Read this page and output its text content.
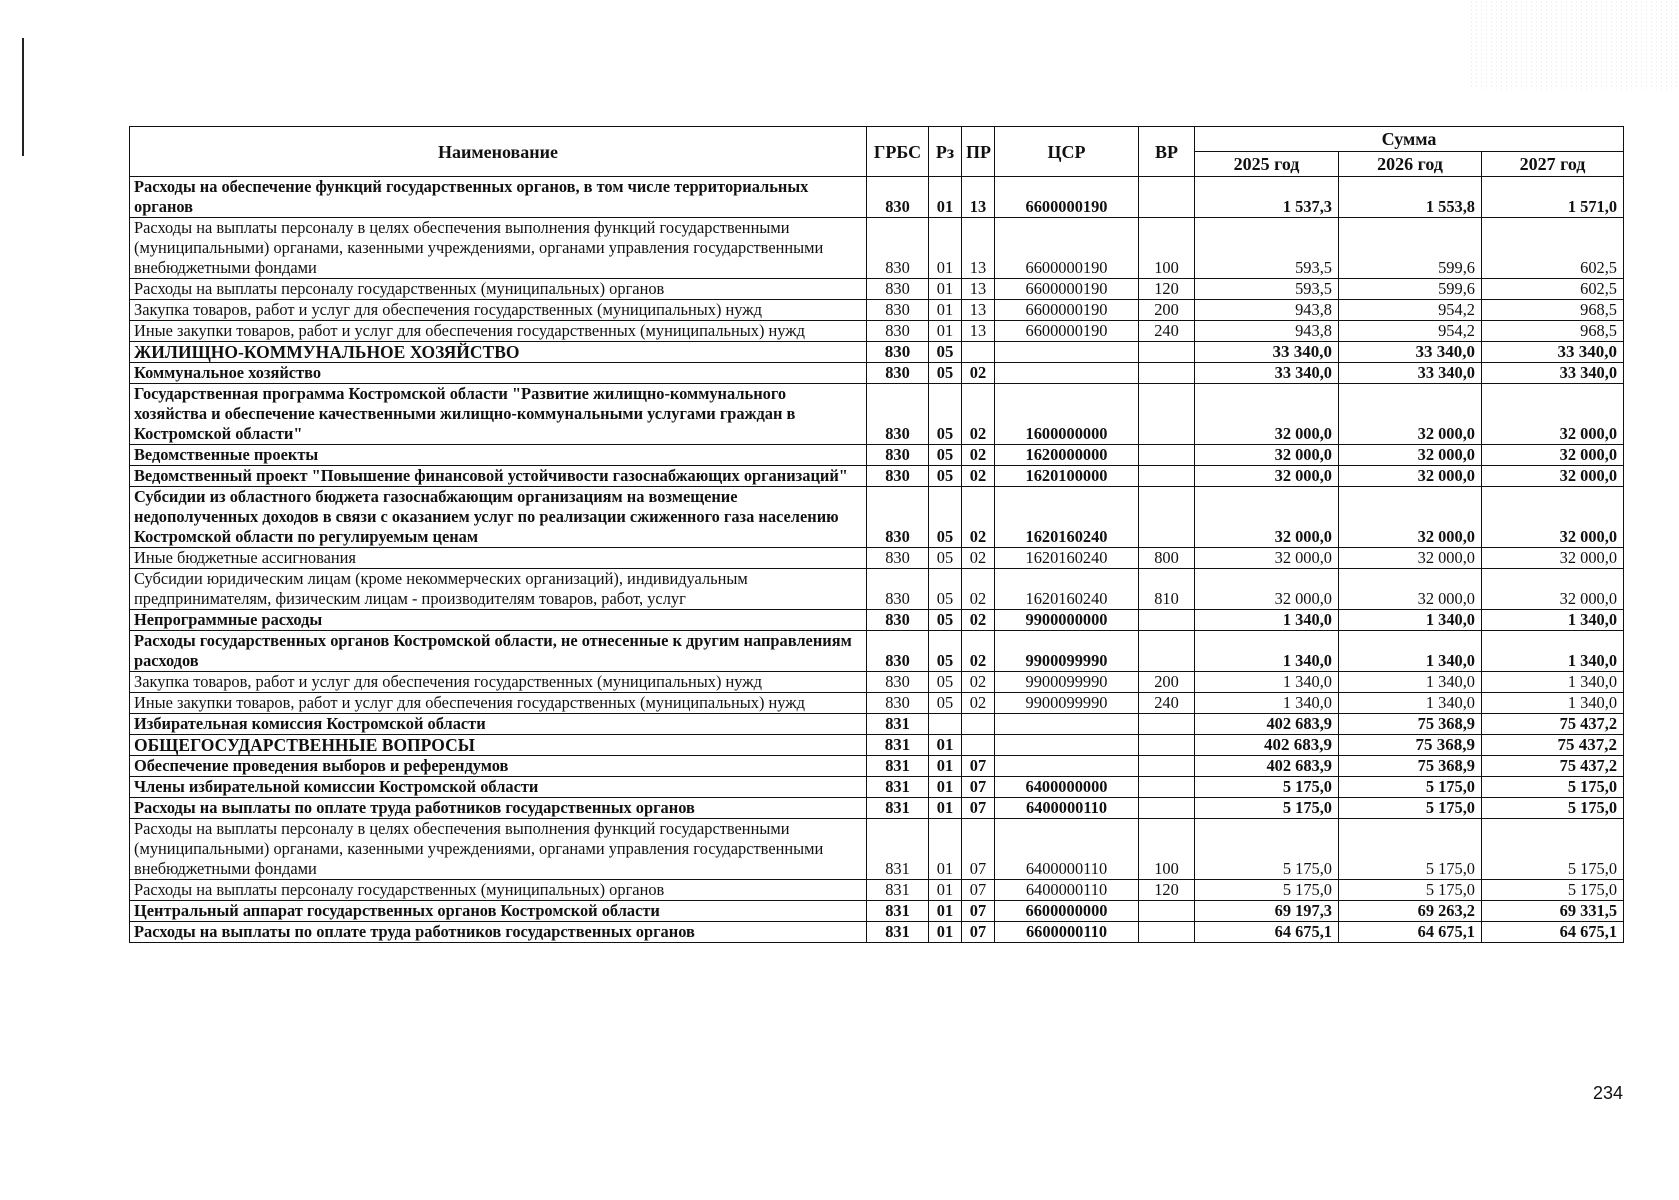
Наименование	ГРБС	Рз	ПР	ЦСР	ВР	Сумма		
						2025 год	2026 год	2027 год
Расходы на обеспечение функций государственных органов, в том числе территориальных органов	830	01	13	6600000190		1 537,3	1 553,8	1 571,0
Расходы на выплаты персоналу в целях обеспечения выполнения функций государственными (муниципальными) органами, казенными учреждениями, органами управления государственными внебюджетными фондами	830	01	13	6600000190	100	593,5	599,6	602,5
Расходы на выплаты персоналу государственных (муниципальных) органов	830	01	13	6600000190	120	593,5	599,6	602,5
Закупка товаров, работ и услуг для обеспечения государственных (муниципальных) нужд	830	01	13	6600000190	200	943,8	954,2	968,5
Иные закупки товаров, работ и услуг для обеспечения государственных (муниципальных) нужд	830	01	13	6600000190	240	943,8	954,2	968,5
ЖИЛИЩНО-КОММУНАЛЬНОЕ ХОЗЯЙСТВО	830	05				33 340,0	33 340,0	33 340,0
Коммунальное хозяйство	830	05	02			33 340,0	33 340,0	33 340,0
Государственная программа Костромской области "Развитие жилищно-коммунального хозяйства и обеспечение качественными жилищно-коммунальными услугами граждан в Костромской области"	830	05	02	1600000000		32 000,0	32 000,0	32 000,0
Ведомственные проекты	830	05	02	1620000000		32 000,0	32 000,0	32 000,0
Ведомственный проект "Повышение финансовой устойчивости газоснабжающих организаций"	830	05	02	1620100000		32 000,0	32 000,0	32 000,0
Субсидии из областного бюджета газоснабжающим организациям на возмещение недополученных доходов в связи с оказанием услуг по реализации сжиженного газа населению Костромской области по регулируемым ценам	830	05	02	1620160240		32 000,0	32 000,0	32 000,0
Иные бюджетные ассигнования	830	05	02	1620160240	800	32 000,0	32 000,0	32 000,0
Субсидии юридическим лицам (кроме некоммерческих организаций), индивидуальным предпринимателям, физическим лицам - производителям товаров, работ, услуг	830	05	02	1620160240	810	32 000,0	32 000,0	32 000,0
Непрограммные расходы	830	05	02	9900000000		1 340,0	1 340,0	1 340,0
Расходы государственных органов Костромской области, не отнесенные к другим направлениям расходов	830	05	02	9900099990		1 340,0	1 340,0	1 340,0
Закупка товаров, работ и услуг для обеспечения государственных (муниципальных) нужд	830	05	02	9900099990	200	1 340,0	1 340,0	1 340,0
Иные закупки товаров, работ и услуг для обеспечения государственных (муниципальных) нужд	830	05	02	9900099990	240	1 340,0	1 340,0	1 340,0
Избирательная комиссия Костромской области	831					402 683,9	75 368,9	75 437,2
ОБЩЕГОСУДАРСТВЕННЫЕ ВОПРОСЫ	831	01				402 683,9	75 368,9	75 437,2
Обеспечение проведения выборов и референдумов	831	01	07			402 683,9	75 368,9	75 437,2
Члены избирательной комиссии Костромской области	831	01	07	6400000000		5 175,0	5 175,0	5 175,0
Расходы на выплаты по оплате труда работников государственных органов	831	01	07	6400000110		5 175,0	5 175,0	5 175,0
Расходы на выплаты персоналу в целях обеспечения выполнения функций государственными (муниципальными) органами, казенными учреждениями, органами управления государственными внебюджетными фондами	831	01	07	6400000110	100	5 175,0	5 175,0	5 175,0
Расходы на выплаты персоналу государственных (муниципальных) органов	831	01	07	6400000110	120	5 175,0	5 175,0	5 175,0
Центральный аппарат государственных органов Костромской области	831	01	07	6600000000		69 197,3	69 263,2	69 331,5
Расходы на выплаты по оплате труда работников государственных органов	831	01	07	6600000110		64 675,1	64 675,1	64 675,1
234
